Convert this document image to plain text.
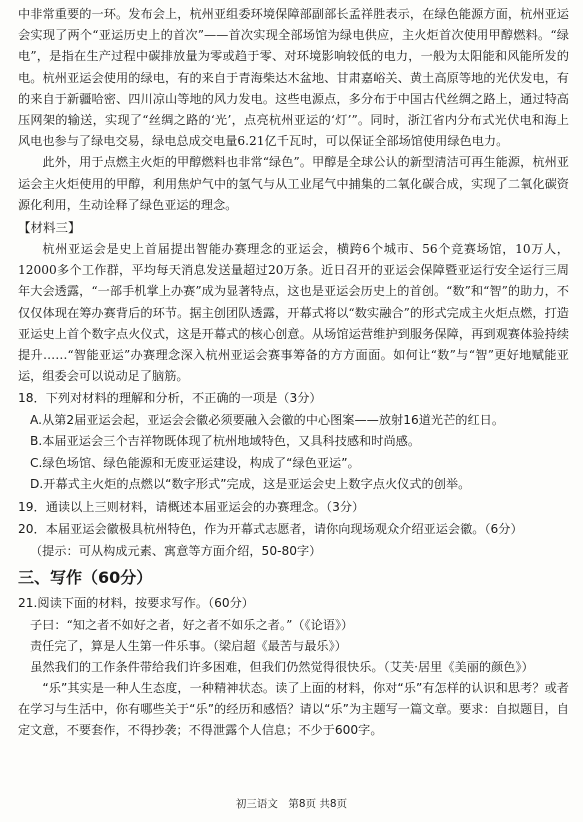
中非常重要的一环。发布会上，杭州亚组委环境保障部副部长孟祥胜表示，在绿色能源方面，杭州亚运会实现了两个“亚运历史上的首次”——首次实现全部场馆为绿电供应，主火炬首次使用甲醇燃料。“绿电”，是指在生产过程中碳排放量为零或趋于零、对环境影响较低的电力，一般为太阳能和风能所发的电。杭州亚运会使用的绿电，有的来自于青海柴达木盆地、甘肃嘉峪关、黄土高原等地的光伏发电，有的来自于新疆哈密、四川凉山等地的风力发电。这些电源点，多分布于中国古代丝绸之路上，通过特高压网架的输送，实现了“丝绸之路的‘光’，点亮杭州亚运的‘灯’”。同时，浙江省内分布式光伏电和海上风电也参与了绿电交易，绿电总成交电量6.21亿千瓦时，可以保证全部场馆使用绿色电力。

此外，用于点燃主火炬的甲醇燃料也非常“绿色”。甲醇是全球公认的新型清洁可再生能源，杭州亚运会主火炬使用的甲醇，利用焦炉气中的氢气与从工业尾气中捕集的二氧化碳合成，实现了二氧化碳资源化利用，生动诠释了绿色亚运的理念。

【材料三】

杭州亚运会是史上首届提出智能办赛理念的亚运会，横跨6个城市、56个竞赛场馆，10万人，12000多个工作群，平均每天消息发送量超过20万条。近日召开的亚运会保障暨亚运行安全运行三周年大会透露，“一部手机掌上办赛”成为显著特点，这也是亚运会历史上的首创。“数”和“智”的助力，不仅仅体现在筹办赛背后的环节。据主创团队透露，开幕式将以“数实融合”的形式完成主火炬点燃，打造亚运史上首个数字点火仪式，这是开幕式的核心创意。从场馆运营维护到服务保障，再到观赛体验持续提升……“智能亚运”办赛理念深入杭州亚运会赛事筹备的方方面面。如何让“数”与“智”更好地赋能亚运，组委会可以说动足了脑筋。

18．下列对材料的理解和分析，不正确的一项是（3分）

A.从第2届亚运会起，亚运会会徽必须要融入会徽的中心图案——放射16道光芒的红日。

B.本届亚运会三个吉祥物既体现了杭州地域特色，又具科技感和时尚感。

C.绿色场馆、绿色能源和无废亚运建设，构成了“绿色亚运”。

D.开幕式主火炬的点燃以“数字形式”完成，这是亚运会史上数字点火仪式的创举。

19．通读以上三则材料，请概述本届亚运会的办赛理念。（3分）

20．本届亚运会徽极具杭州特色，作为开幕式志愿者，请你向现场观众介绍亚运会徽。（6分）

（提示：可从构成元素、寓意等方面介绍，50-80字）

三、写作（60分）

21.阅读下面的材料，按要求写作。（60分）

子曰：“知之者不如好之者，好之者不如乐之者。”（《论语》）

责任完了，算是人生第一件乐事。（梁启超《最苦与最乐》）

虽然我们的工作条件带给我们许多困难，但我们仍然觉得很快乐。（艾芙·居里《美丽的颜色》）

“乐”其实是一种人生态度，一种精神状态。读了上面的材料，你对“乐”有怎样的认识和思考？或者在学习与生活中，你有哪些关于“乐”的经历和感悟？请以“乐”为主题写一篇文章。要求：自拟题目，自定文意，不要套作，不得抄袭；不得泄露个人信息；不少于600字。

初三语文　第8页 共8页
